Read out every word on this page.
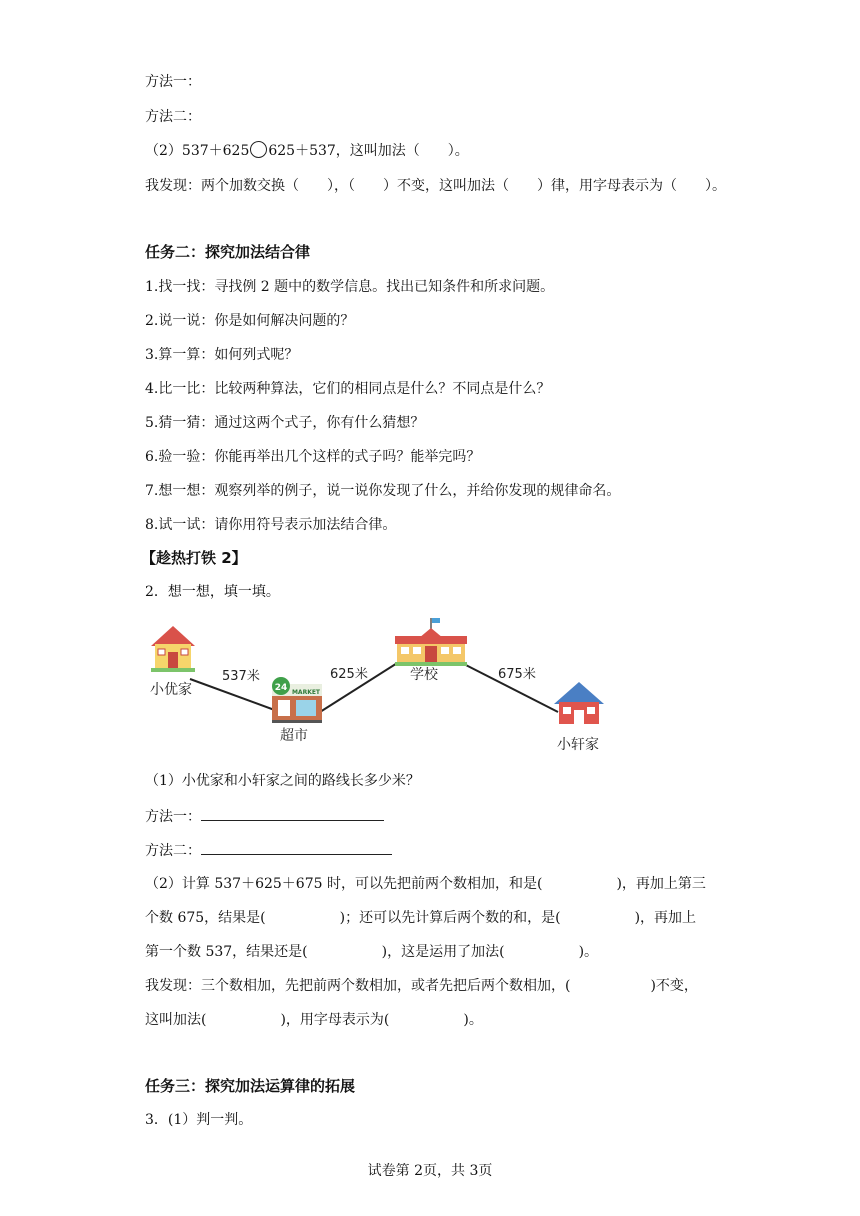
方法一：
方法二：
（2）537＋625 625＋537，这叫加法（　　）。
我发现：两个加数交换（　　），（　　）不变，这叫加法（　　）律，用字母表示为（　　）。
任务二：探究加法结合律
1.找一找：寻找例 2 题中的数学信息。找出已知条件和所求问题。
2.说一说：你是如何解决问题的？
3.算一算：如何列式呢？
4.比一比：比较两种算法，它们的相同点是什么？不同点是什么？
5.猜一猜：通过这两个式子，你有什么猜想？
6.验一验：你能再举出几个这样的式子吗？能举完吗？
7.想一想：观察列举的例子，说一说你发现了什么，并给你发现的规律命名。
8.试一试：请你用符号表示加法结合律。
【趁热打铁 2】
2．想一想，填一填。
24 MARKET
537米	625米	675米
小优家
超市
学校
小轩家
（1）小优家和小轩家之间的路线长多少米？
方法一：
方法二：
（2）计算 537＋625＋675 时，可以先把前两个数相加，和是(	)，再加上第三
个数 675，结果是(	)；还可以先计算后两个数的和，是(	)，再加上
第一个数 537，结果还是(	)，这是运用了加法(	)。
我发现：三个数相加，先把前两个数相加，或者先把后两个数相加，(	)不变，
这叫加法(	)，用字母表示为(	)。
任务三：探究加法运算律的拓展
3．(1）判一判。
试卷第 2页，共 3页
